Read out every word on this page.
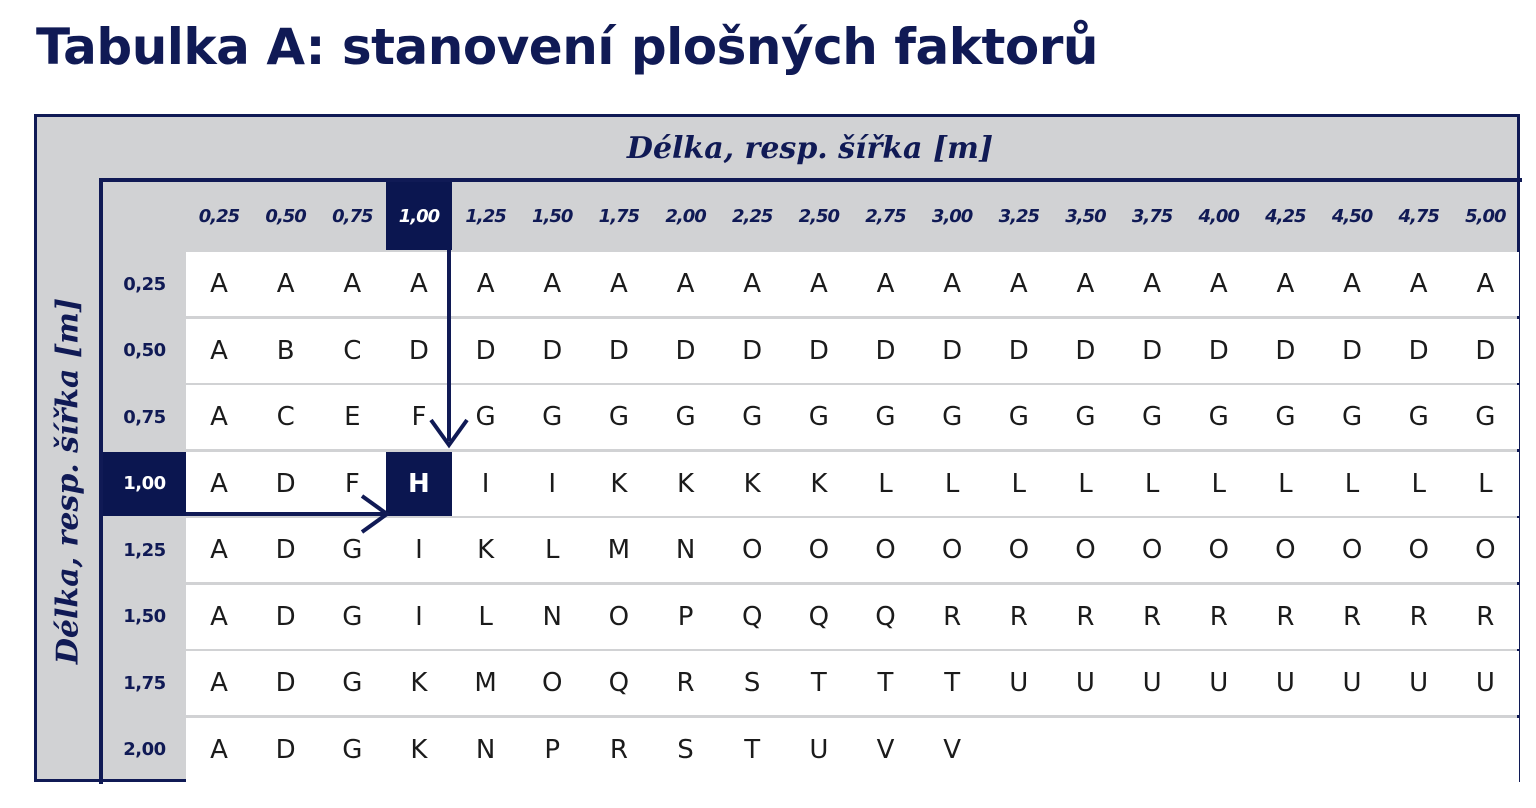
Tabulka A: stanovení plošných faktorů
Délka, resp. šířka [m]
Délka, resp. šířka [m]
0,25	0,50	0,75	1,00	1,25	1,50	1,75	2,00	2,25	2,50	2,75	3,00	3,25	3,50	3,75	4,00	4,25	4,50	4,75	5,00
0,25	A	A	A	A	A	A	A	A	A	A	A	A	A	A	A	A	A	A	A	A
0,50	A	B	C	D	D	D	D	D	D	D	D	D	D	D	D	D	D	D	D	D
0,75	A	C	E	F	G	G	G	G	G	G	G	G	G	G	G	G	G	G	G	G
1,00	A	D	F	H	I	I	K	K	K	K	L	L	L	L	L	L	L	L	L	L
1,25	A	D	G	I	K	L	M	N	O	O	O	O	O	O	O	O	O	O	O	O
1,50	A	D	G	I	L	N	O	P	Q	Q	Q	R	R	R	R	R	R	R	R	R
1,75	A	D	G	K	M	O	Q	R	S	T	T	T	U	U	U	U	U	U	U	U
2,00	A	D	G	K	N	P	R	S	T	U	V	V
